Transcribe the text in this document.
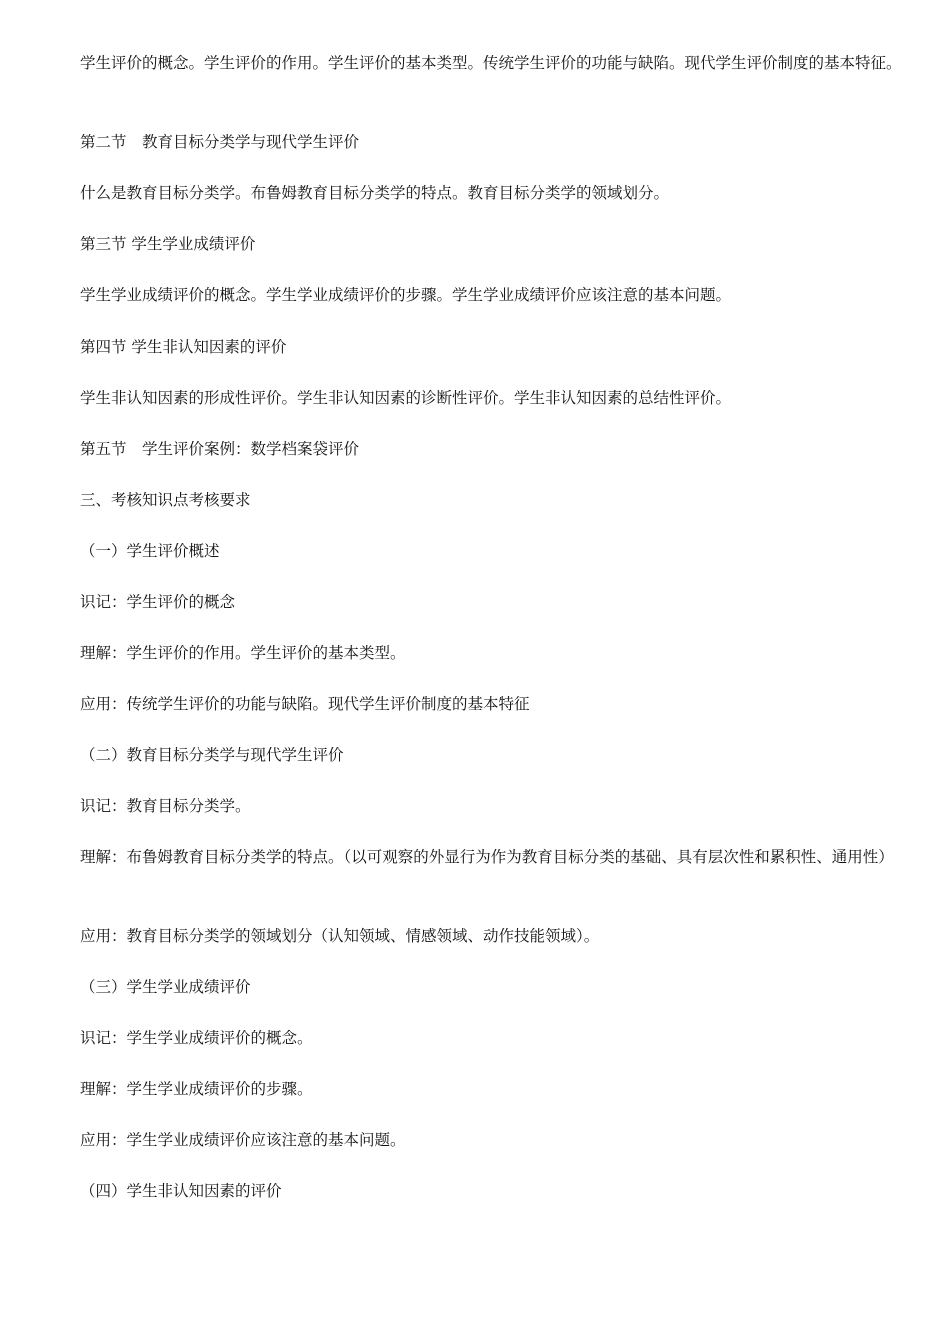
学生评价的概念。学生评价的作用。学生评价的基本类型。传统学生评价的功能与缺陷。现代学生评价制度的基本特征。

第二节　教育目标分类学与现代学生评价

什么是教育目标分类学。布鲁姆教育目标分类学的特点。教育目标分类学的领域划分。

第三节 学生学业成绩评价

学生学业成绩评价的概念。学生学业成绩评价的步骤。学生学业成绩评价应该注意的基本问题。

第四节 学生非认知因素的评价

学生非认知因素的形成性评价。学生非认知因素的诊断性评价。学生非认知因素的总结性评价。

第五节　学生评价案例：数学档案袋评价

三、考核知识点考核要求

（一）学生评价概述

识记：学生评价的概念

理解：学生评价的作用。学生评价的基本类型。

应用：传统学生评价的功能与缺陷。现代学生评价制度的基本特征

（二）教育目标分类学与现代学生评价

识记：教育目标分类学。

理解：布鲁姆教育目标分类学的特点。（以可观察的外显行为作为教育目标分类的基础、具有层次性和累积性、通用性）

应用：教育目标分类学的领域划分（认知领域、情感领域、动作技能领域）。

（三）学生学业成绩评价

识记：学生学业成绩评价的概念。

理解：学生学业成绩评价的步骤。

应用：学生学业成绩评价应该注意的基本问题。

（四）学生非认知因素的评价
